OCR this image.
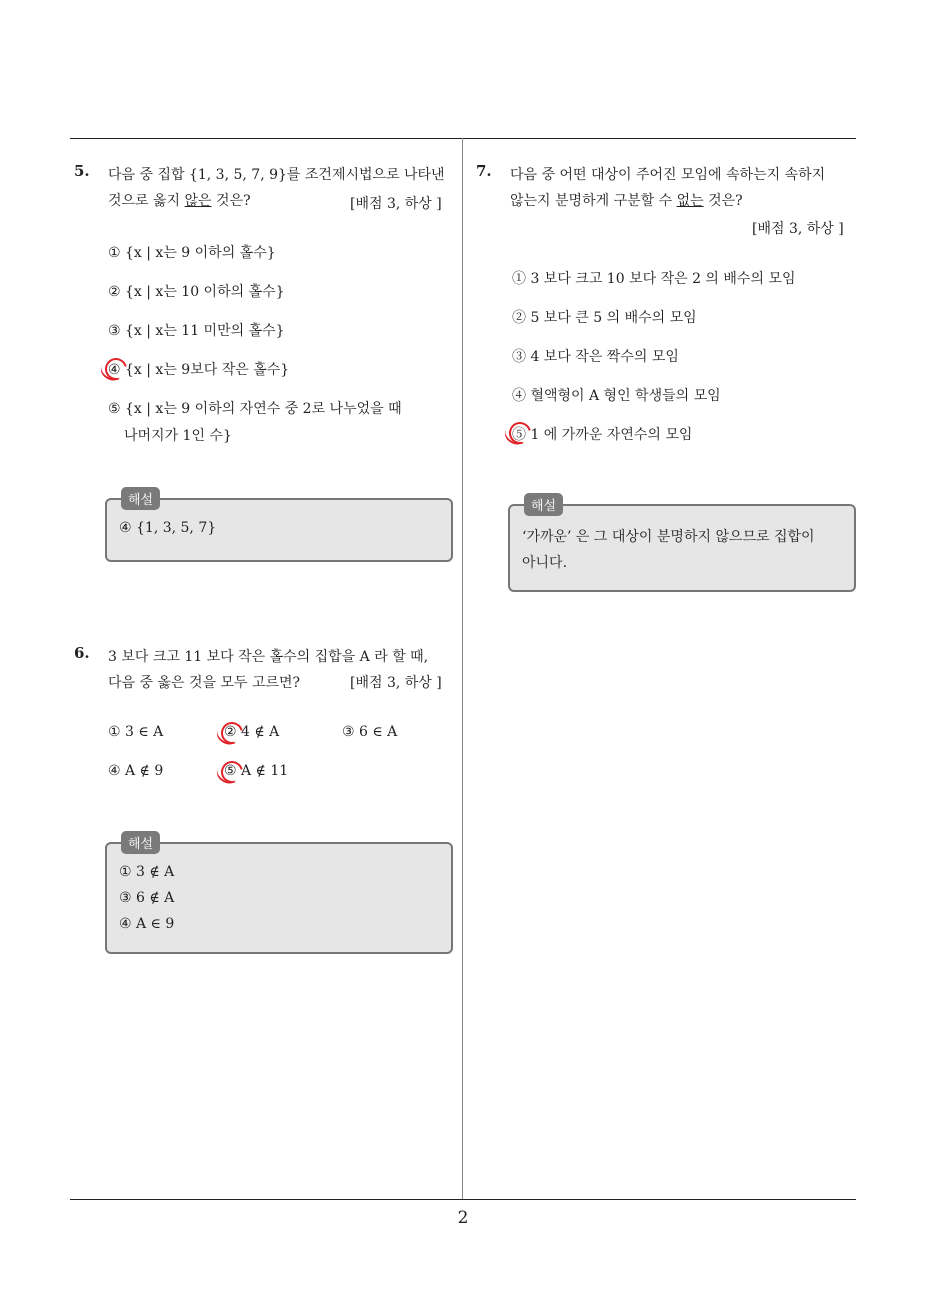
2
5. 다음 중 집합 {1, 3, 5, 7, 9}를 조건제시법으로 나타낸
것으로 옳지 않은 것은?	[배점 3, 하상 ]
① {x | x는 9 이하의 홀수}
② {x | x는 10 이하의 홀수}
③ {x | x는 11 미만의 홀수}
④ {x | x는 9보다 작은 홀수}
⑤ {x | x는 9 이하의 자연수 중 2로 나누었을 때
나머지가 1인 수}
해설
④ {1, 3, 5, 7}
6. 3 보다 크고 11 보다 작은 홀수의 집합을 A 라 할 때,
다음 중 옳은 것을 모두 고르면?	[배점 3, 하상 ]
① 3 ∈ A	② 4 ∉ A	③ 6 ∈ A
④ A ∉ 9	⑤ A ∉ 11
해설
① 3 ∉ A
③ 6 ∉ A
④ A ∈ 9
7. 다음 중 어떤 대상이 주어진 모임에 속하는지 속하지
않는지 분명하게 구분할 수 없는 것은?
[배점 3, 하상 ]
① 3 보다 크고 10 보다 작은 2 의 배수의 모임
② 5 보다 큰 5 의 배수의 모임
③ 4 보다 작은 짝수의 모임
④ 혈액형이 A 형인 학생들의 모임
⑤ 1 에 가까운 자연수의 모임
해설
‘가까운’ 은 그 대상이 분명하지 않으므로 집합이
아니다.
